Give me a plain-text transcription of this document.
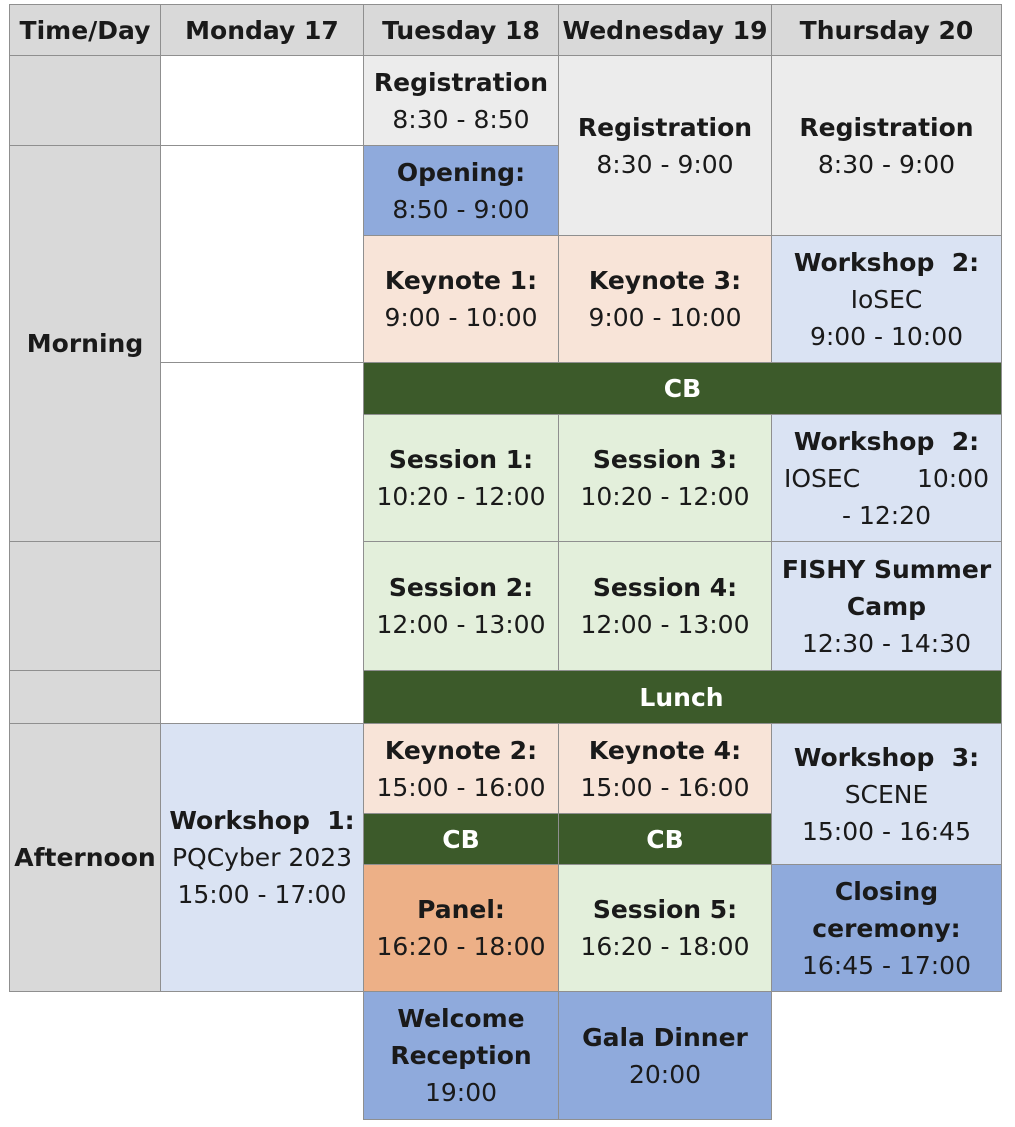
Time/Day Monday 17 Tuesday 18 Wednesday 19 Thursday 20
Morning
Afternoon
Workshop  1:
PQCyber 2023
15:00 - 17:00
Registration
8:30 - 8:50
Opening:
8:50 - 9:00
Keynote 1:
9:00 - 10:00
CB
Session 1:
10:20 - 12:00
Session 2:
12:00 - 13:00
Lunch
Keynote 2:
15:00 - 16:00
CB
Panel:
16:20 - 18:00
Welcome
Reception
19:00
Registration
8:30 - 9:00
Keynote 3:
9:00 - 10:00
Session 3:
10:20 - 12:00
Session 4:
12:00 - 13:00
Keynote 4:
15:00 - 16:00
CB
Session 5:
16:20 - 18:00
Gala Dinner
20:00
Registration
8:30 - 9:00
Workshop  2:
IoSEC
9:00 - 10:00
Workshop  2:
IOSEC 10:00
- 12:20
FISHY Summer
Camp
12:30 - 14:30
Workshop  3:
SCENE
15:00 - 16:45
Closing
ceremony:
16:45 - 17:00
